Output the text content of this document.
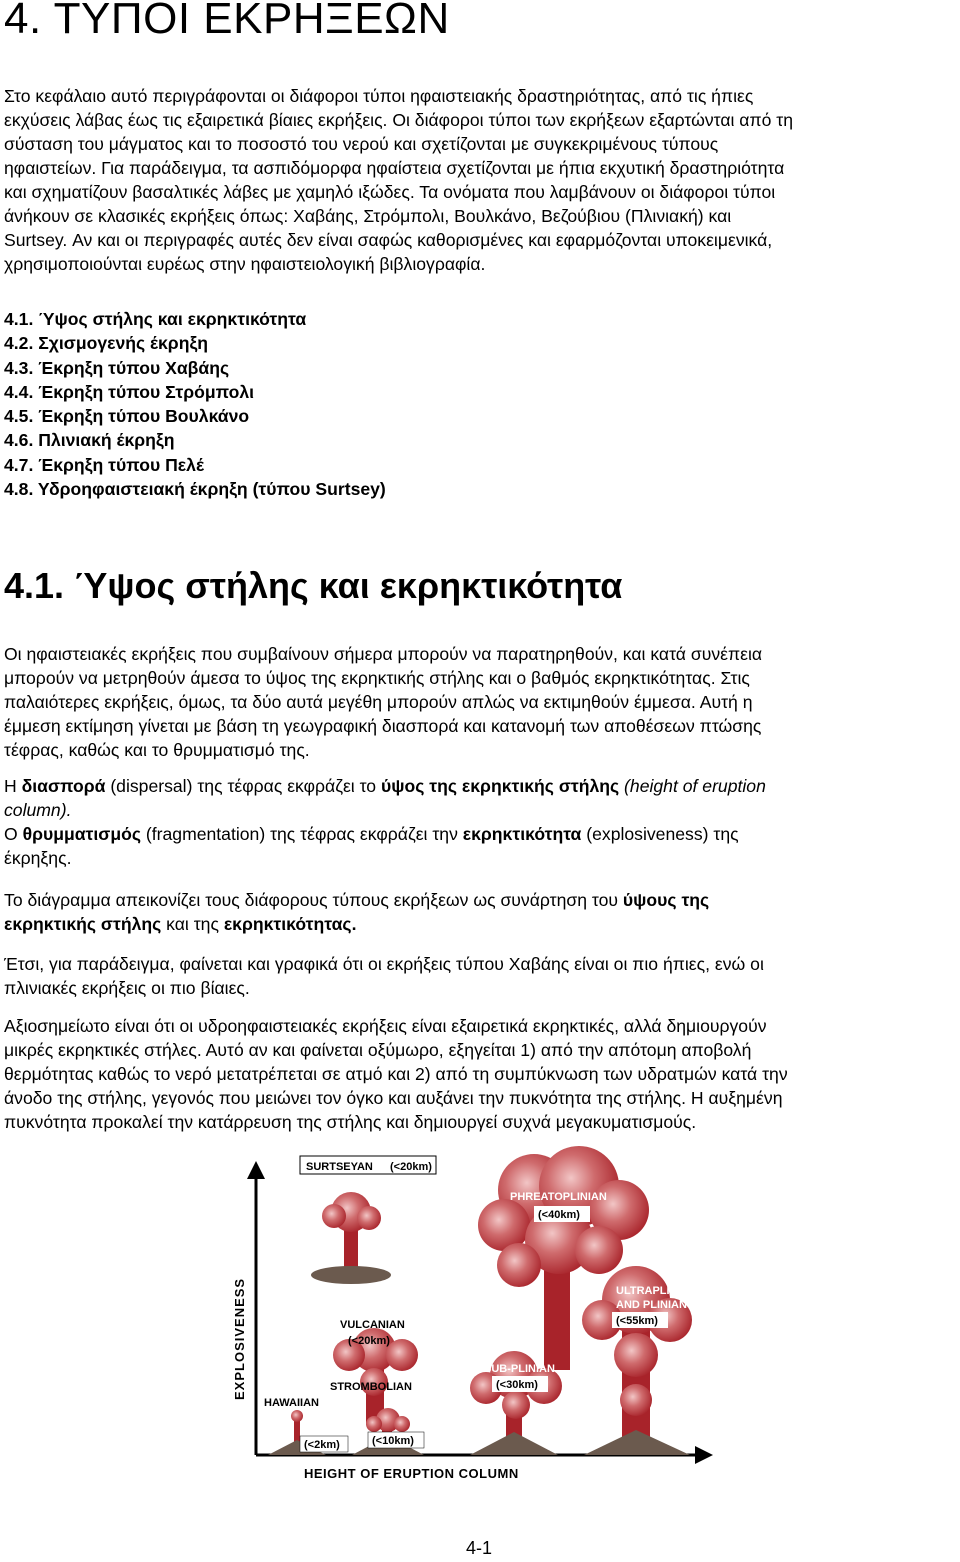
4. ΤΥΠΟΙ ΕΚΡΗΞΕΩΝ
Στο κεφάλαιο αυτό περιγράφονται οι διάφοροι τύποι ηφαιστειακής δραστηριότητας, από τις ήπιες
εκχύσεις λάβας έως τις εξαιρετικά βίαιες εκρήξεις. Οι διάφοροι τύποι των εκρήξεων εξαρτώνται από τη
σύσταση του μάγματος και το ποσοστό του νερού και σχετίζονται με συγκεκριμένους τύπους
ηφαιστείων. Για παράδειγμα, τα ασπιδόμορφα ηφαίστεια σχετίζονται με ήπια εκχυτική δραστηριότητα
και σχηματίζουν βασαλτικές λάβες με χαμηλό ιξώδες. Τα ονόματα που λαμβάνουν οι διάφοροι τύποι
άνήκουν σε κλασικές εκρήξεις όπως: Χαβάης, Στρόμπολι, Βουλκάνο, Βεζούβιου (Πλινιακή) και
Surtsey. Αν και οι περιγραφές αυτές δεν είναι σαφώς καθορισμένες και εφαρμόζονται υποκειμενικά,
χρησιμοποιούνται ευρέως στην ηφαιστειολογική βιβλιογραφία.
4.1. Ύψος στήλης και εκρηκτικότητα
4.2. Σχισμογενής έκρηξη
4.3. Έκρηξη τύπου Χαβάης
4.4. Έκρηξη τύπου Στρόμπολι
4.5. Έκρηξη τύπου Βουλκάνο
4.6. Πλινιακή έκρηξη
4.7. Έκρηξη τύπου Πελέ
4.8. Υδροηφαιστειακή έκρηξη (τύπου Surtsey)
4.1. Ύψος στήλης και εκρηκτικότητα
Οι ηφαιστειακές εκρήξεις που συμβαίνουν σήμερα μπορούν να παρατηρηθούν, και κατά συνέπεια
μπορούν να μετρηθούν άμεσα το ύψος της εκρηκτικής στήλης και ο βαθμός εκρηκτικότητας. Στις
παλαιότερες εκρήξεις, όμως, τα δύο αυτά μεγέθη μπορούν απλώς να εκτιμηθούν έμμεσα. Αυτή η
έμμεση εκτίμηση γίνεται με βάση τη γεωγραφική διασπορά και κατανομή των αποθέσεων πτώσης
τέφρας, καθώς και το θρυμματισμό της.
Η διασπορά (dispersal) της τέφρας εκφράζει το ύψος της εκρηκτικής στήλης (height of eruption
column).
Ο θρυμματισμός (fragmentation) της τέφρας εκφράζει την εκρηκτικότητα (explosiveness) της
έκρηξης.
Το διάγραμμα απεικονίζει τους διάφορους τύπους εκρήξεων ως συνάρτηση του ύψους της
εκρηκτικής στήλης και της εκρηκτικότητας.
Έτσι, για παράδειγμα, φαίνεται και γραφικά ότι οι εκρήξεις τύπου Χαβάης είναι οι πιο ήπιες, ενώ οι
πλινιακές εκρήξεις οι πιο βίαιες.
Αξιοσημείωτο είναι ότι οι υδροηφαιστειακές εκρήξεις είναι εξαιρετικά εκρηκτικές, αλλά δημιουργούν
μικρές εκρηκτικές στήλες. Αυτό αν και φαίνεται οξύμωρο, εξηγείται 1) από την απότομη αποβολή
θερμότητας καθώς το νερό μετατρέπεται σε ατμό και 2) από τη συμπύκνωση των υδρατμών κατά την
άνοδο της στήλης, γεγονός που μειώνει τον όγκο και αυξάνει την πυκνότητα της στήλης. Η αυξημένη
πυκνότητα προκαλεί την κατάρρευση της στήλης και δημιουργεί συχνά μεγακυματισμούς.
EXPLOSIVENESS
HEIGHT OF ERUPTION COLUMN
SURTSEYAN (<20km)
PHREATOPLINIAN
(<40km)
VULCANIAN
(<20km)
ULTRAPLINIAN
AND PLINIAN
(<55km)
STROMBOLIAN
(<10km)
SUB-PLINIAN
(<30km)
HAWAIIAN
(<2km)
4-1
